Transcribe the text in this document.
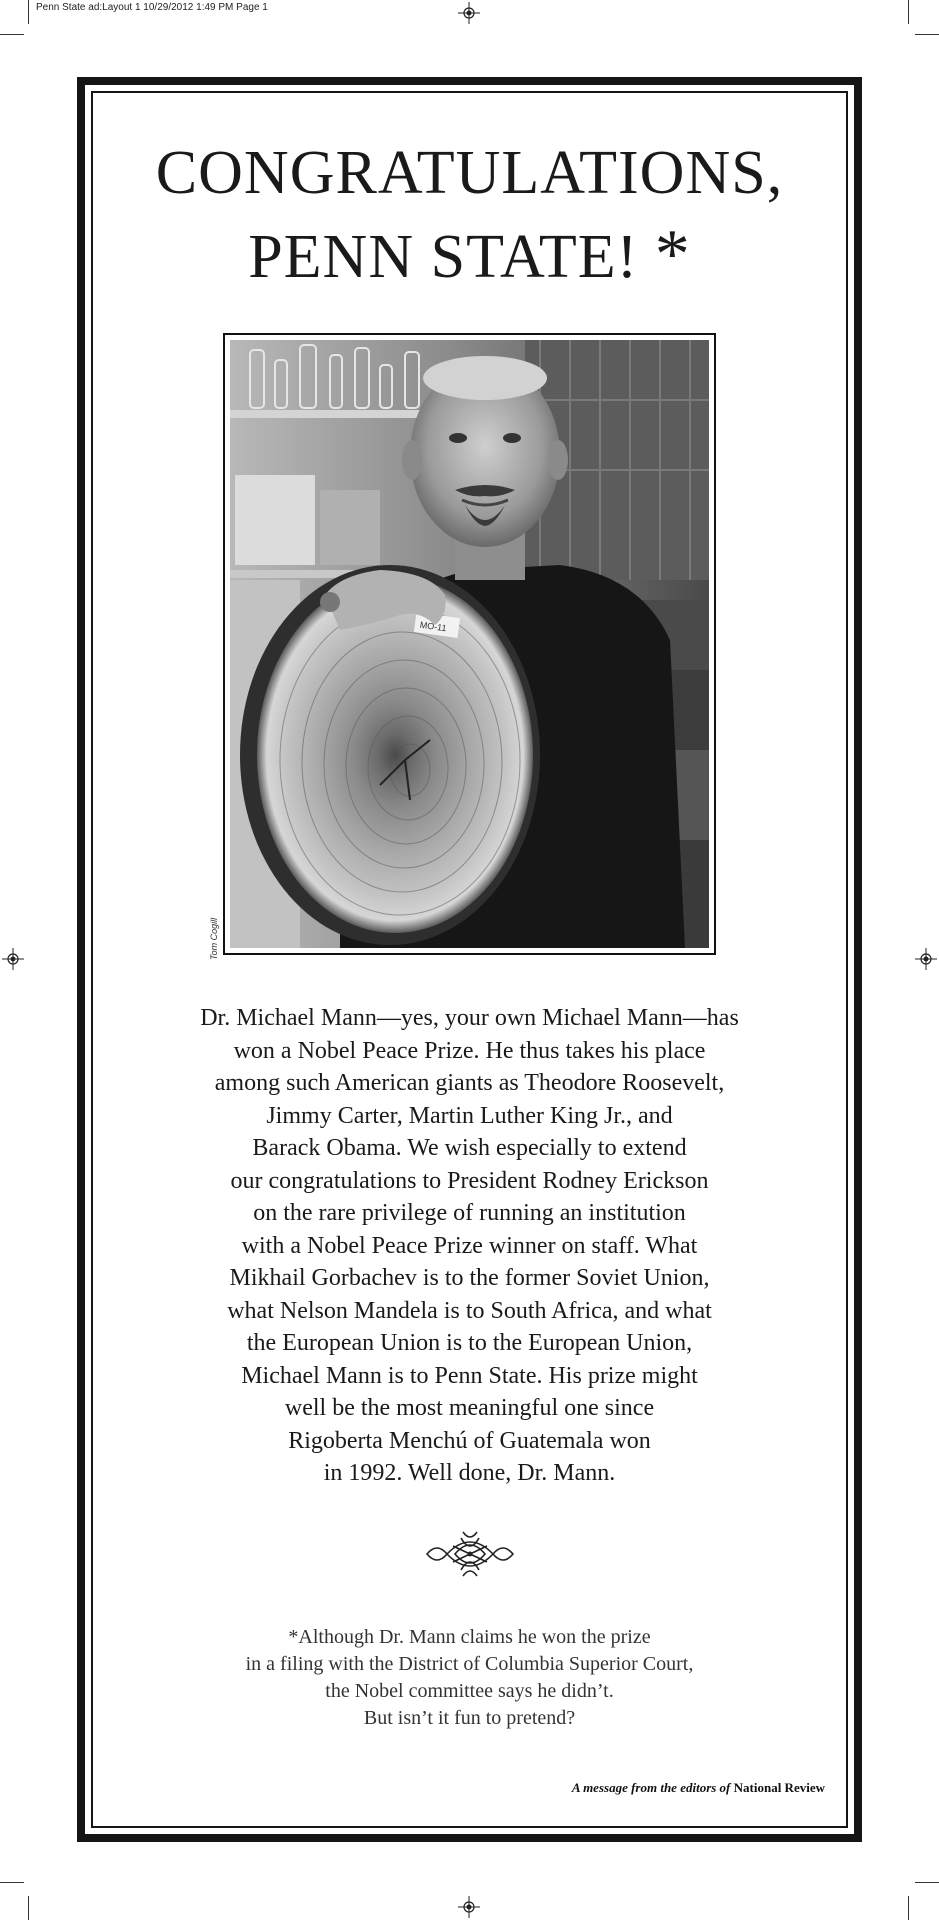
Penn State ad:Layout 1 10/29/2012 1:49 PM Page 1
CONGRATULATIONS,
PENN STATE! *
MO-11
Tom Cogill
Dr. Michael Mann—yes, your own Michael Mann—has
won a Nobel Peace Prize. He thus takes his place
among such American giants as Theodore Roosevelt,
Jimmy Carter, Martin Luther King Jr., and
Barack Obama. We wish especially to extend
our congratulations to President Rodney Erickson
on the rare privilege of running an institution
with a Nobel Peace Prize winner on staff. What
Mikhail Gorbachev is to the former Soviet Union,
what Nelson Mandela is to South Africa, and what
the European Union is to the European Union,
Michael Mann is to Penn State. His prize might
well be the most meaningful one since
Rigoberta Menchú of Guatemala won
in 1992. Well done, Dr. Mann.
*Although Dr. Mann claims he won the prize
in a filing with the District of Columbia Superior Court,
the Nobel committee says he didn’t.
But isn’t it fun to pretend?
A message from the editors of National Review
